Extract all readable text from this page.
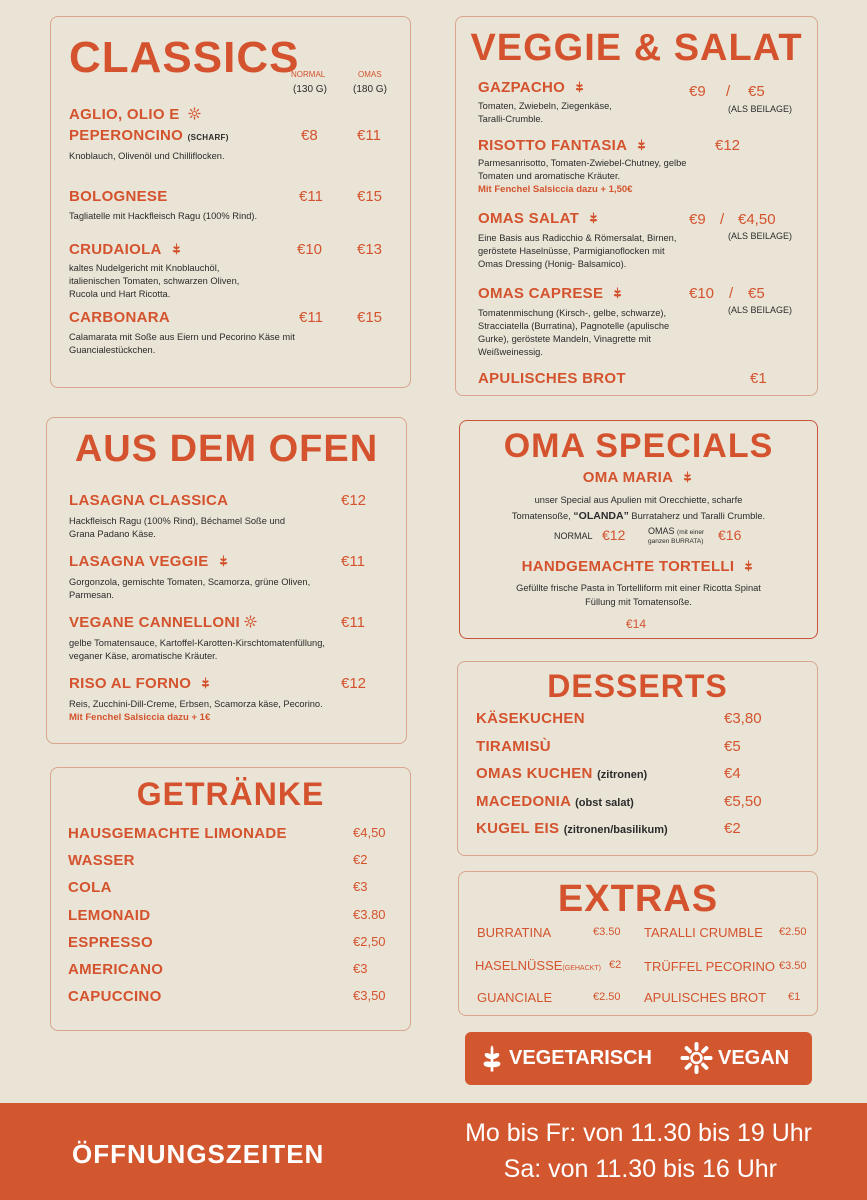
CLASSICS
NORMAL
(130 G)
OMAS
(180 G)
AGLIO, OLIO E
PEPERONCINO (SCHARF)	€8	€11
Knoblauch, Olivenöl und Chilliflocken.
BOLOGNESE	€11 €15
Tagliatelle mit Hackfleisch Ragu (100% Rind).
CRUDAIOLA	€10 €13
kaltes Nudelgericht mit Knoblauchöl, italienischen Tomaten, schwarzen Oliven, Rucola und Hart Ricotta.
CARBONARA	€11 €15
Calamarata mit Soße aus Eiern und Pecorino Käse mit Guancialestückchen.
VEGGIE & SALAT
GAZPACHO	€9 / €5
(ALS BEILAGE)
Tomaten, Zwiebeln, Ziegenkäse, Taralli-Crumble.
RISOTTO FANTASIA	€12
Parmesanrisotto, Tomaten-Zwiebel-Chutney, gelbe Tomaten und aromatische Kräuter.
Mit Fenchel Salsiccia dazu + 1,50€
OMAS SALAT	€9 / €4,50
(ALS BEILAGE)
Eine Basis aus Radicchio & Römersalat, Birnen, geröstete Haselnüsse, Parmigianoflocken mit Omas Dressing (Honig- Balsamico).
OMAS CAPRESE	€10 / €5
(ALS BEILAGE)
Tomatenmischung (Kirsch-, gelbe, schwarze), Stracciatella (Burratina), Pagnotelle (apulische Gurke), geröstete Mandeln, Vinagrette mit Weißweinessig.
APULISCHES BROT	€1
AUS DEM OFEN
LASAGNA CLASSICA	€12
Hackfleisch Ragu (100% Rind), Béchamel Soße und Grana Padano Käse.
LASAGNA VEGGIE	€11
Gorgonzola, gemischte Tomaten, Scamorza, grüne Oliven, Parmesan.
VEGANE CANNELLONI	€11
gelbe Tomatensauce, Kartoffel-Karotten-Kirschtomatenfüllung, veganer Käse, aromatische Kräuter.
RISO AL FORNO	€12
Reis, Zucchini-Dill-Creme, Erbsen, Scamorza käse, Pecorino.
Mit Fenchel Salsiccia dazu + 1€
OMA SPECIALS
OMA MARIA
unser Special aus Apulien mit Orecchiette, scharfe
Tomatensoße, “OLANDA” Burrataherz und Taralli Crumble.
NORMAL €12	OMAS (mit einer
ganzen BURRATA) €16
HANDGEMACHTE TORTELLI
Gefüllte frische Pasta in Tortelliform mit einer Ricotta Spinat
Füllung mit Tomatensoße.
€14
DESSERTS
KÄSEKUCHEN	€3,80
TIRAMISÙ	€5
OMAS KUCHEN (zitronen)	€4
MACEDONIA (obst salat)	€5,50
KUGEL EIS (zitronen/basilikum)	€2
GETRÄNKE
HAUSGEMACHTE LIMONADE	€4,50
WASSER	€2
COLA	€3
LEMONAID	€3.80
ESPRESSO	€2,50
AMERICANO	€3
CAPUCCINO	€3,50
EXTRAS
BURRATINA	€3.50 TARALLI CRUMBLE €2.50
HASELNÜSSE(GEHACKT) €2 TRÜFFEL PECORINO €3.50
GUANCIALE	€2.50 APULISCHES BROT €1
VEGETARISCH	VEGAN
ÖFFNUNGSZEITEN
Mo bis Fr: von 11.30 bis 19 Uhr
Sa: von 11.30 bis 16 Uhr
